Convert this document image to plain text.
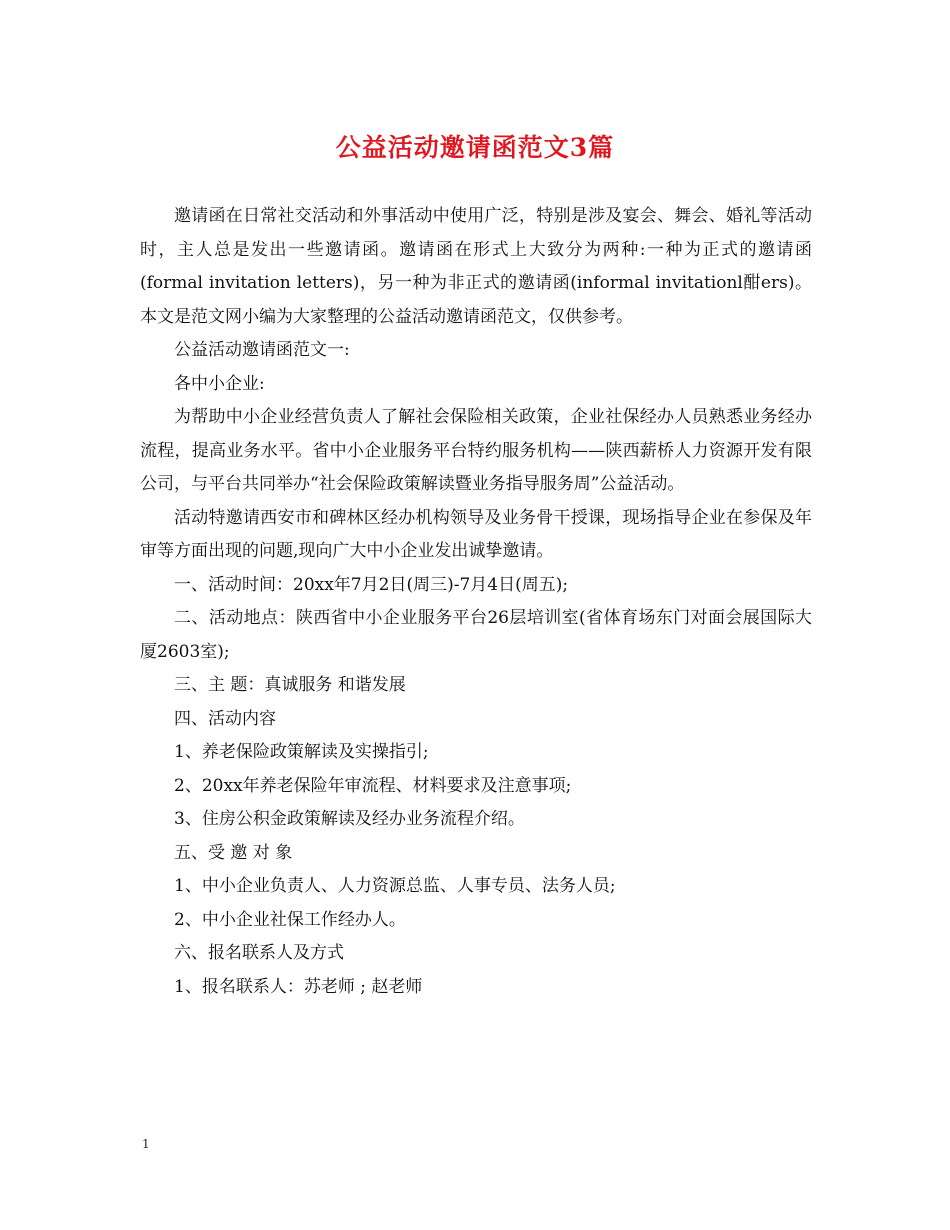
公益活动邀请函范文3篇

邀请函在日常社交活动和外事活动中使用广泛，特别是涉及宴会、舞会、婚礼等活动时，主人总是发出一些邀请函。邀请函在形式上大致分为两种:一种为正式的邀请函(formal invitation letters)，另一种为非正式的邀请函(informal invitationl酣ers)。本文是范文网小编为大家整理的公益活动邀请函范文，仅供参考。

公益活动邀请函范文一:

各中小企业:

为帮助中小企业经营负责人了解社会保险相关政策，企业社保经办人员熟悉业务经办流程，提高业务水平。省中小企业服务平台特约服务机构——陕西薪桥人力资源开发有限公司，与平台共同举办“社会保险政策解读暨业务指导服务周”公益活动。

活动特邀请西安市和碑林区经办机构领导及业务骨干授课，现场指导企业在参保及年审等方面出现的问题,现向广大中小企业发出诚挚邀请。

一、活动时间：20xx年7月2日(周三)-7月4日(周五);

二、活动地点：陕西省中小企业服务平台26层培训室(省体育场东门对面会展国际大厦2603室);

三、主 题：真诚服务 和谐发展

四、活动内容

1、养老保险政策解读及实操指引;

2、20xx年养老保险年审流程、材料要求及注意事项;

3、住房公积金政策解读及经办业务流程介绍。

五、受 邀 对 象

1、中小企业负责人、人力资源总监、人事专员、法务人员;

2、中小企业社保工作经办人。

六、报名联系人及方式

1、报名联系人：苏老师 ; 赵老师

1
